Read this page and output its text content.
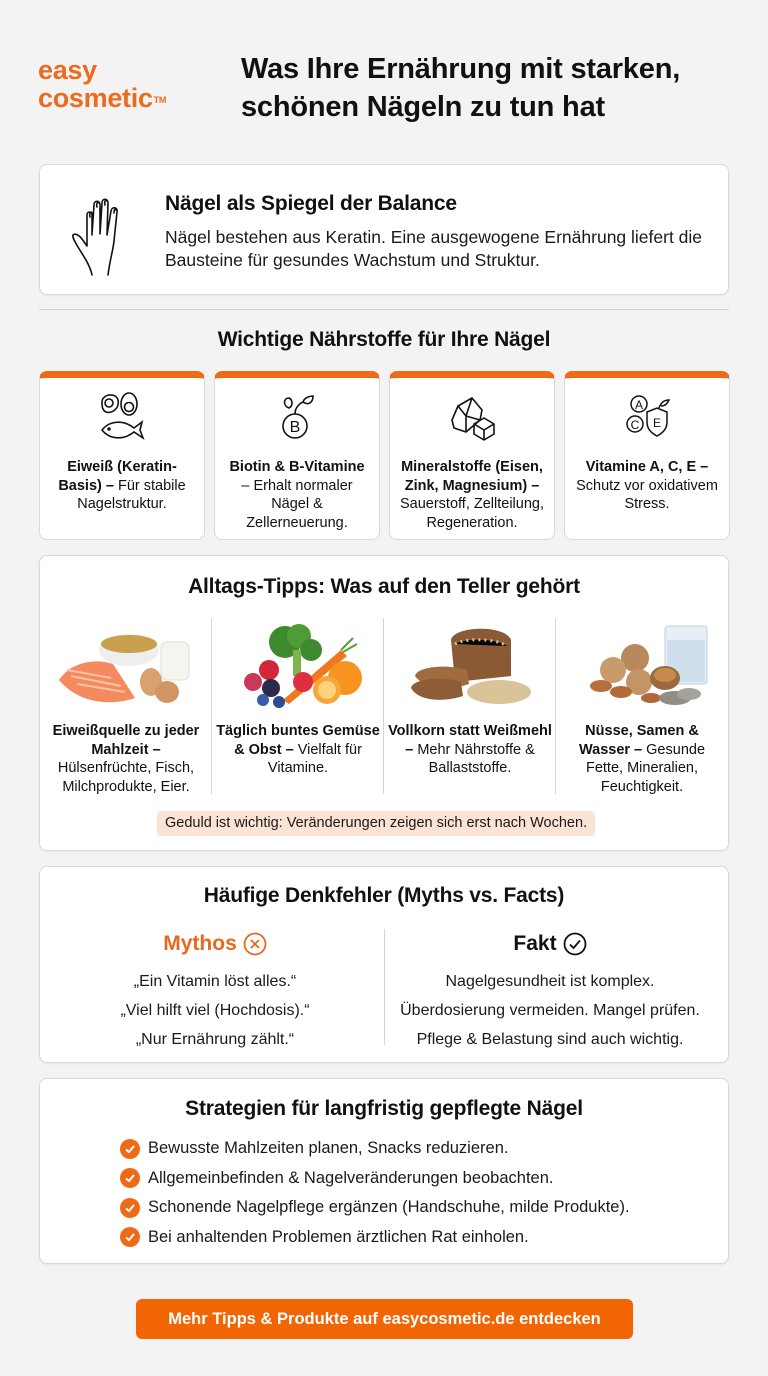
easy
cosmetic™
Was Ihre Ernährung mit starken, schönen Nägeln zu tun hat
Nägel als Spiegel der Balance

Nägel bestehen aus Keratin. Eine ausgewogene Ernährung liefert die Bausteine für gesundes Wachstum und Struktur.

Wichtige Nährstoffe für Ihre Nägel
Eiweiß (Keratin-Basis) – Für stabile Nagelstruktur.
B
Biotin & B-Vitamine
– Erhalt normaler Nägel & Zellerneuerung.
Mineralstoffe (Eisen, Zink, Magnesium) –
Sauerstoff, Zellteilung, Regeneration.
A
C E
Vitamine A, C, E –
Schutz vor oxidativem Stress.
Alltags-Tipps: Was auf den Teller gehört
Eiweißquelle zu jeder Mahlzeit – Hülsenfrüchte, Fisch, Milchprodukte, Eier.
Täglich buntes Gemüse & Obst – Vielfalt für Vitamine.
Vollkorn statt Weißmehl – Mehr Nährstoffe & Ballaststoffe.
Nüsse, Samen & Wasser – Gesunde Fette, Mineralien, Feuchtigkeit.
Geduld ist wichtig: Veränderungen zeigen sich erst nach Wochen.
Häufige Denkfehler (Myths vs. Facts)
Mythos
„Ein Vitamin löst alles.“
„Viel hilft viel (Hochdosis).“
„Nur Ernährung zählt.“
Fakt
Nagelgesundheit ist komplex.
Überdosierung vermeiden. Mangel prüfen.
Pflege & Belastung sind auch wichtig.
Strategien für langfristig gepflegte Nägel
Bewusste Mahlzeiten planen, Snacks reduzieren.
Allgemeinbefinden & Nagelveränderungen beobachten.
Schonende Nagelpflege ergänzen (Handschuhe, milde Produkte).
Bei anhaltenden Problemen ärztlichen Rat einholen.
Mehr Tipps & Produkte auf easycosmetic.de entdecken
